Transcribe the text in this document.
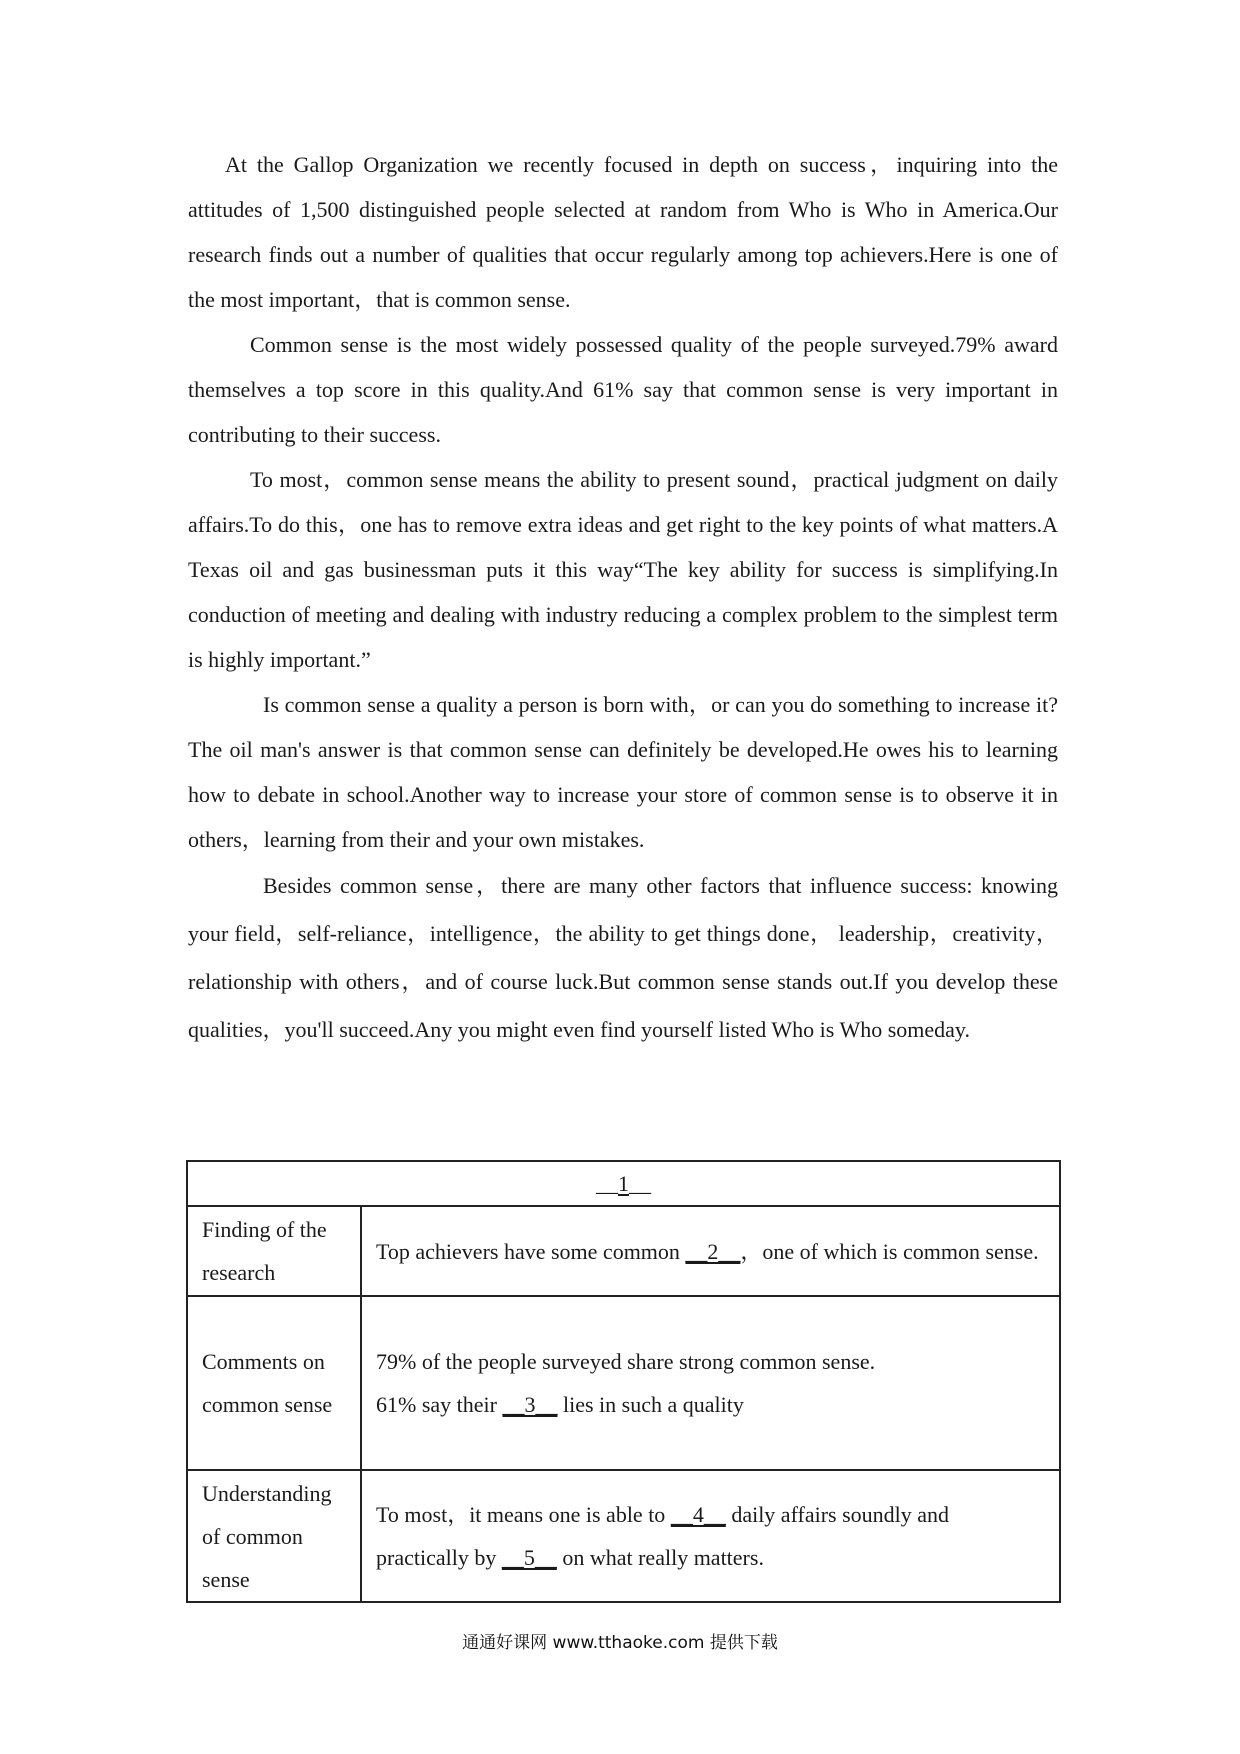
At the Gallop Organization we recently focused in depth on success，inquiring into the attitudes of 1,500 distinguished people selected at random from Who is Who in America.Our research finds out a number of qualities that occur regularly among top achievers.Here is one of the most important，that is common sense.

Common sense is the most widely possessed quality of the people surveyed.79% award themselves a top score in this quality.And 61% say that common sense is very important in contributing to their success.

To most，common sense means the ability to present sound，practical judgment on daily affairs.To do this，one has to remove extra ideas and get right to the key points of what matters.A Texas oil and gas businessman puts it this way“The key ability for success is simplifying.In conduction of meeting and dealing with industry reducing a complex problem to the simplest term is highly important.”

Is common sense a quality a person is born with，or can you do something to increase it? The oil man's answer is that common sense can definitely be developed.He owes his to learning how to debate in school.Another way to increase your store of common sense is to observe it in others，learning from their and your own mistakes.

Besides common sense，there are many other factors that influence success: knowing your field，self-reliance，intelligence，the ability to get things done， leadership，creativity，relationship with others，and of course luck.But common sense stands out.If you develop these qualities，you'll succeed.Any you might even find yourself listed Who is Who someday.

__1__	
Finding of the research	Top achievers have some common __2__，one of which is common sense.
Comments on common sense	79% of the people surveyed share strong common sense.
61% say their __3__ lies in such a quality

Understanding of common sense	To most，it means one is able to __4__ daily affairs soundly and practically by __5__ on what really matters.
通通好课网 www.tthaoke.com 提供下载
